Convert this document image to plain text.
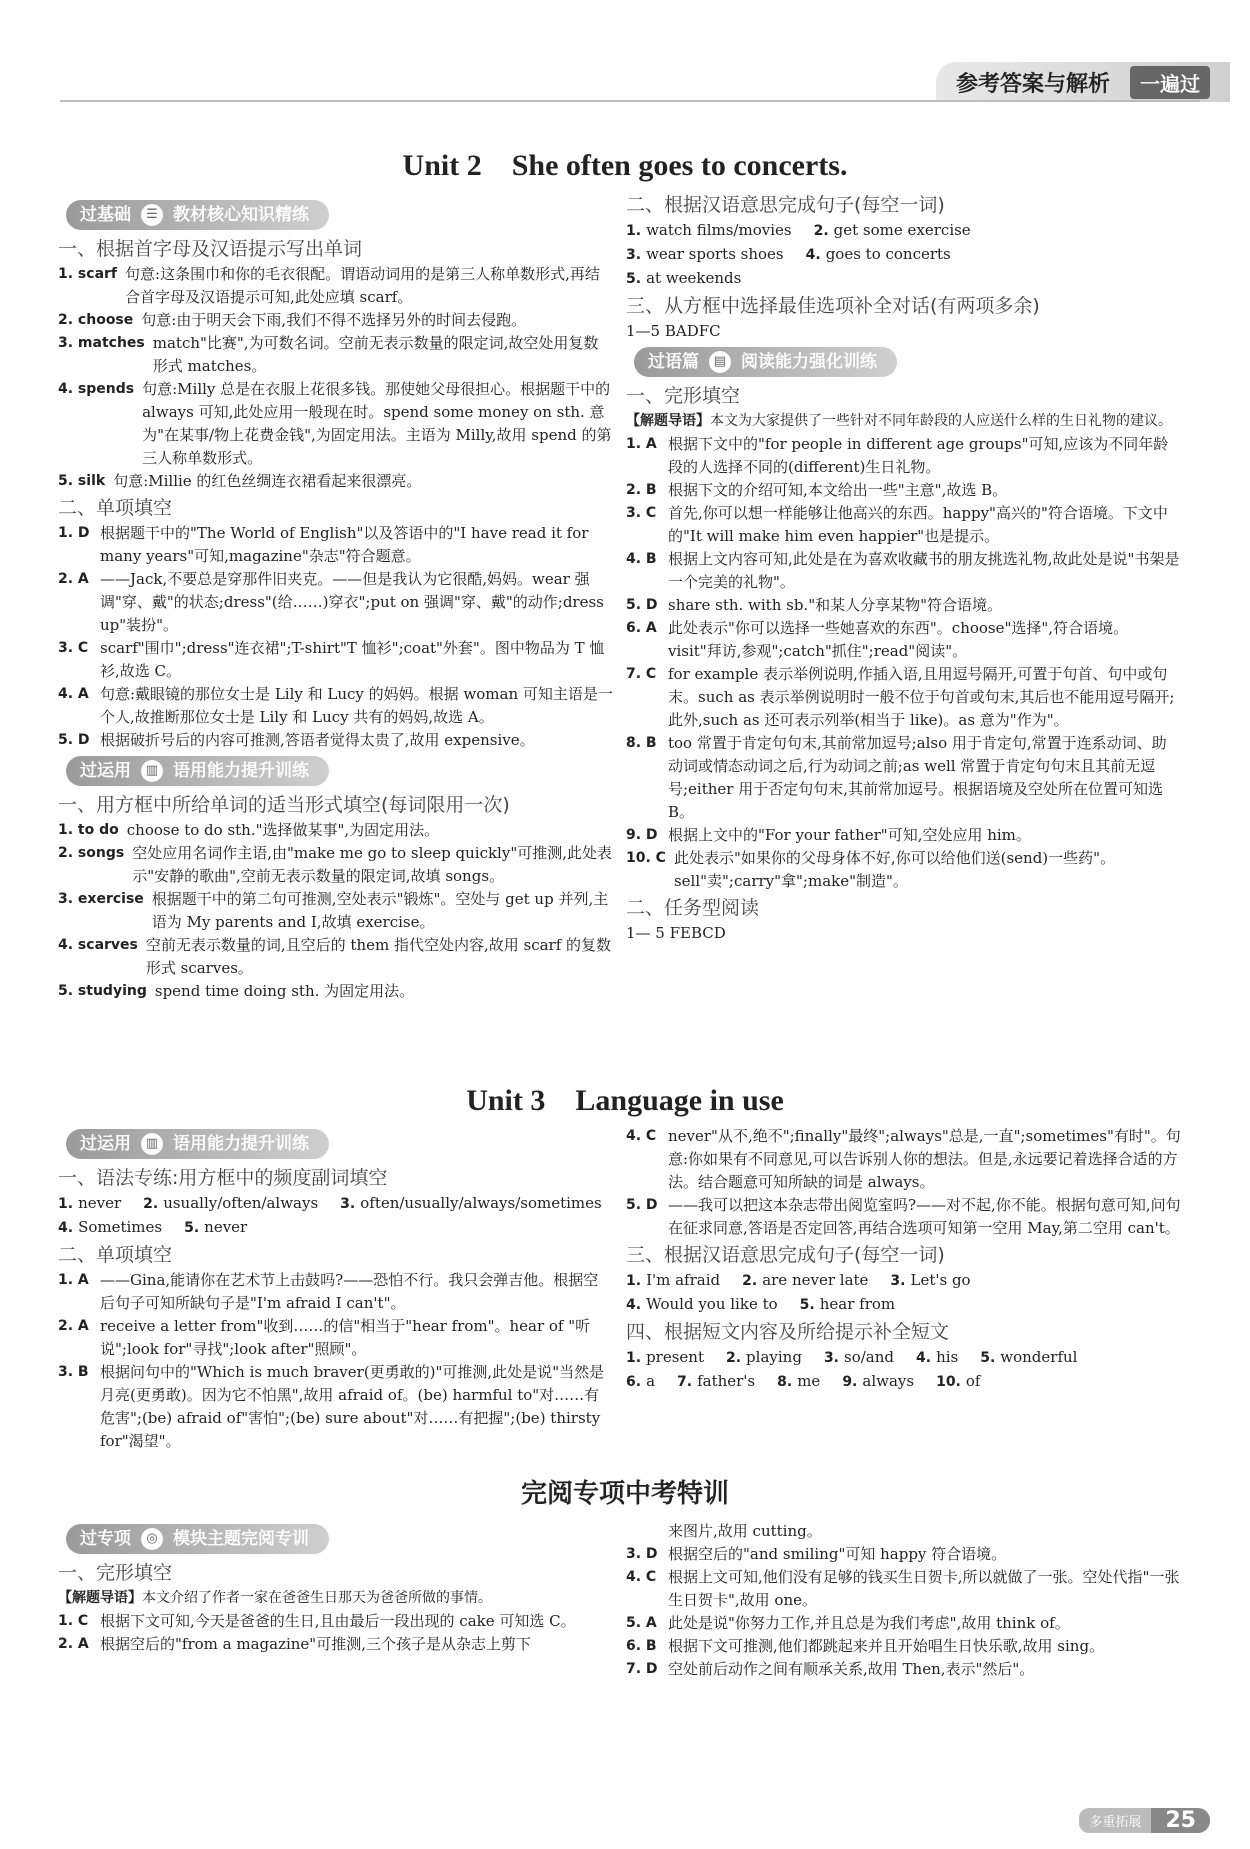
参考答案与解析	一遍过
Unit 2　She often goes to concerts.
过基础	☰ 教材核心知识精练
一、根据首字母及汉语提示写出单词
1. scarf 句意:这条围巾和你的毛衣很配。谓语动词用的是第三人称单数形式,再结合首字母及汉语提示可知,此处应填 scarf。
2. choose 句意:由于明天会下雨,我们不得不选择另外的时间去侵跑。
3. matches match"比赛",为可数名词。空前无表示数量的限定词,故空处用复数形式 matches。
4. spends 句意:Milly 总是在衣服上花很多钱。那使她父母很担心。根据题干中的 always 可知,此处应用一般现在时。spend some money on sth. 意为"在某事/物上花费金钱",为固定用法。主语为 Milly,故用 spend 的第三人称单数形式。
5. silk 句意:Millie 的红色丝绸连衣裙看起来很漂亮。
二、单项填空
1. D 根据题干中的"The World of English"以及答语中的"I have read it for many years"可知,magazine"杂志"符合题意。
2. A ——Jack,不要总是穿那件旧夹克。——但是我认为它很酷,妈妈。wear 强调"穿、戴"的状态;dress"(给……)穿衣";put on 强调"穿、戴"的动作;dress up"装扮"。
3. C scarf"围巾";dress"连衣裙";T-shirt"T 恤衫";coat"外套"。图中物品为 T 恤衫,故选 C。
4. A 句意:戴眼镜的那位女士是 Lily 和 Lucy 的妈妈。根据 woman 可知主语是一个人,故推断那位女士是 Lily 和 Lucy 共有的妈妈,故选 A。
5. D 根据破折号后的内容可推测,答语者觉得太贵了,故用 expensive。
过运用	▥ 语用能力提升训练
一、用方框中所给单词的适当形式填空(每词限用一次)
1. to do choose to do sth."选择做某事",为固定用法。
2. songs 空处应用名词作主语,由"make me go to sleep quickly"可推测,此处表示"安静的歌曲",空前无表示数量的限定词,故填 songs。
3. exercise 根据题干中的第二句可推测,空处表示"锻炼"。空处与 get up 并列,主语为 My parents and I,故填 exercise。
4. scarves 空前无表示数量的词,且空后的 them 指代空处内容,故用 scarf 的复数形式 scarves。
5. studying spend time doing sth. 为固定用法。
二、根据汉语意思完成句子(每空一词)

1. watch films/movies 2. get some exercise

3. wear sports shoes 4. goes to concerts

5. at weekends

三、从方框中选择最佳选项补全对话(有两项多余)

1—5 BADFC

过语篇	▤ 阅读能力强化训练
一、完形填空

【解题导语】本文为大家提供了一些针对不同年龄段的人应送什么样的生日礼物的建议。

1. A 根据下文中的"for people in different age groups"可知,应该为不同年龄段的人选择不同的(different)生日礼物。
2. B 根据下文的介绍可知,本文给出一些"主意",故选 B。
3. C 首先,你可以想一样能够让他高兴的东西。happy"高兴的"符合语境。下文中的"It will make him even happier"也是提示。
4. B 根据上文内容可知,此处是在为喜欢收藏书的朋友挑选礼物,故此处是说"书架是一个完美的礼物"。
5. D share sth. with sb."和某人分享某物"符合语境。
6. A 此处表示"你可以选择一些她喜欢的东西"。choose"选择",符合语境。visit"拜访,参观";catch"抓住";read"阅读"。
7. C for example 表示举例说明,作插入语,且用逗号隔开,可置于句首、句中或句末。such as 表示举例说明时一般不位于句首或句末,其后也不能用逗号隔开;此外,such as 还可表示列举(相当于 like)。as 意为"作为"。
8. B too 常置于肯定句句末,其前常加逗号;also 用于肯定句,常置于连系动词、助动词或情态动词之后,行为动词之前;as well 常置于肯定句句末且其前无逗号;either 用于否定句句末,其前常加逗号。根据语境及空处所在位置可知选 B。
9. D 根据上文中的"For your father"可知,空处应用 him。
10. C 此处表示"如果你的父母身体不好,你可以给他们送(send)一些药"。sell"卖";carry"拿";make"制造"。
二、任务型阅读

1— 5 FEBCD

Unit 3　Language in use
过运用	▥ 语用能力提升训练
一、语法专练:用方框中的频度副词填空

1. never 2. usually/often/always 3. often/usually/always/sometimes

4. Sometimes 5. never

二、单项填空
1. A ——Gina,能请你在艺术节上击鼓吗?——恐怕不行。我只会弹吉他。根据空后句子可知所缺句子是"I'm afraid I can't"。
2. A receive a letter from"收到……的信"相当于"hear from"。hear of "听说";look for"寻找";look after"照顾"。
3. B 根据问句中的"Which is much braver(更勇敢的)"可推测,此处是说"当然是月亮(更勇敢)。因为它不怕黑",故用 afraid of。(be) harmful to"对……有危害";(be) afraid of"害怕";(be) sure about"对……有把握";(be) thirsty for"渴望"。
4. C never"从不,绝不";finally"最终";always"总是,一直";sometimes"有时"。句意:你如果有不同意见,可以告诉别人你的想法。但是,永远要记着选择合适的方法。结合题意可知所缺的词是 always。
5. D ——我可以把这本杂志带出阅览室吗?——对不起,你不能。根据句意可知,问句在征求同意,答语是否定回答,再结合选项可知第一空用 May,第二空用 can't。
三、根据汉语意思完成句子(每空一词)

1. I'm afraid 2. are never late 3. Let's go

4. Would you like to 5. hear from

四、根据短文内容及所给提示补全短文

1. present 2. playing 3. so/and 4. his 5. wonderful

6. a 7. father's 8. me 9. always 10. of

完阅专项中考特训
过专项	◎ 模块主题完阅专训
一、完形填空

【解题导语】本文介绍了作者一家在爸爸生日那天为爸爸所做的事情。

1. C 根据下文可知,今天是爸爸的生日,且由最后一段出现的 cake 可知选 C。
2. A 根据空后的"from a magazine"可推测,三个孩子是从杂志上剪下

来图片,故用 cutting。

3. D 根据空后的"and smiling"可知 happy 符合语境。
4. C 根据上文可知,他们没有足够的钱买生日贺卡,所以就做了一张。空处代指"一张生日贺卡",故用 one。
5. A 此处是说"你努力工作,并且总是为我们考虑",故用 think of。
6. B 根据下文可推测,他们都跳起来并且开始唱生日快乐歌,故用 sing。
7. D 空处前后动作之间有顺承关系,故用 Then,表示"然后"。
多重拓展	25
